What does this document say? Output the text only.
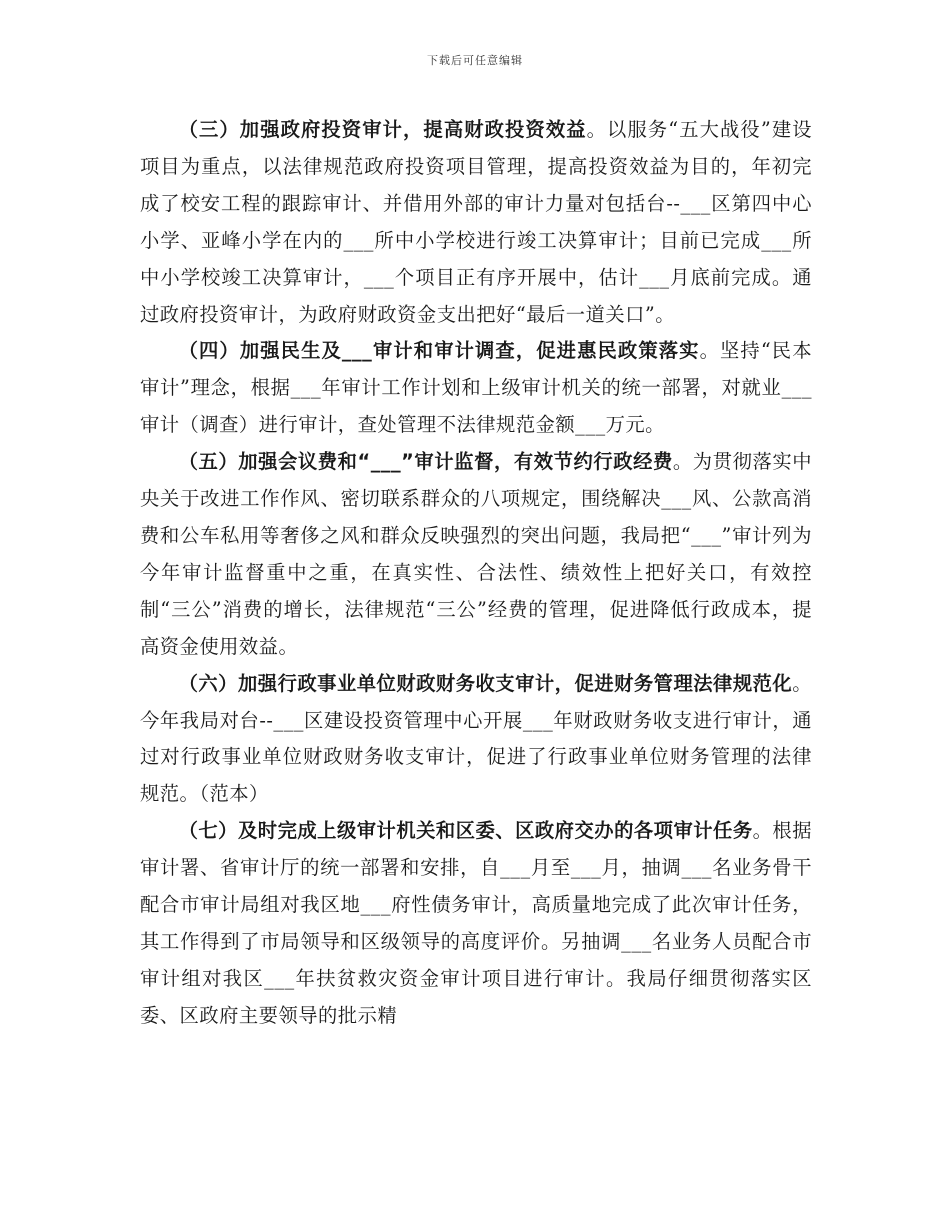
下载后可任意编辑

（三）加强政府投资审计，提高财政投资效益。以服务“五大战役”建设项目为重点，以法律规范政府投资项目管理，提高投资效益为目的，年初完成了校安工程的跟踪审计、并借用外部的审计力量对包括台--___区第四中心小学、亚峰小学在内的___所中小学校进行竣工决算审计；目前已完成___所中小学校竣工决算审计，___个项目正有序开展中，估计___月底前完成。通过政府投资审计，为政府财政资金支出把好“最后一道关口”。

（四）加强民生及___审计和审计调查，促进惠民政策落实。坚持“民本审计”理念，根据___年审计工作计划和上级审计机关的统一部署，对就业___审计（调查）进行审计，查处管理不法律规范金额___万元。

（五）加强会议费和“___”审计监督，有效节约行政经费。为贯彻落实中央关于改进工作作风、密切联系群众的八项规定，围绕解决___风、公款高消费和公车私用等奢侈之风和群众反映强烈的突出问题，我局把“___”审计列为今年审计监督重中之重，在真实性、合法性、绩效性上把好关口，有效控制“三公”消费的增长，法律规范“三公”经费的管理，促进降低行政成本，提高资金使用效益。

（六）加强行政事业单位财政财务收支审计，促进财务管理法律规范化。今年我局对台--___区建设投资管理中心开展___年财政财务收支进行审计，通过对行政事业单位财政财务收支审计，促进了行政事业单位财务管理的法律规范。（范本）

（七）及时完成上级审计机关和区委、区政府交办的各项审计任务。根据审计署、省审计厅的统一部署和安排，自___月至___月，抽调___名业务骨干配合市审计局组对我区地___府性债务审计，高质量地完成了此次审计任务，其工作得到了市局领导和区级领导的高度评价。另抽调___名业务人员配合市审计组对我区___年扶贫救灾资金审计项目进行审计。我局仔细贯彻落实区委、区政府主要领导的批示精
